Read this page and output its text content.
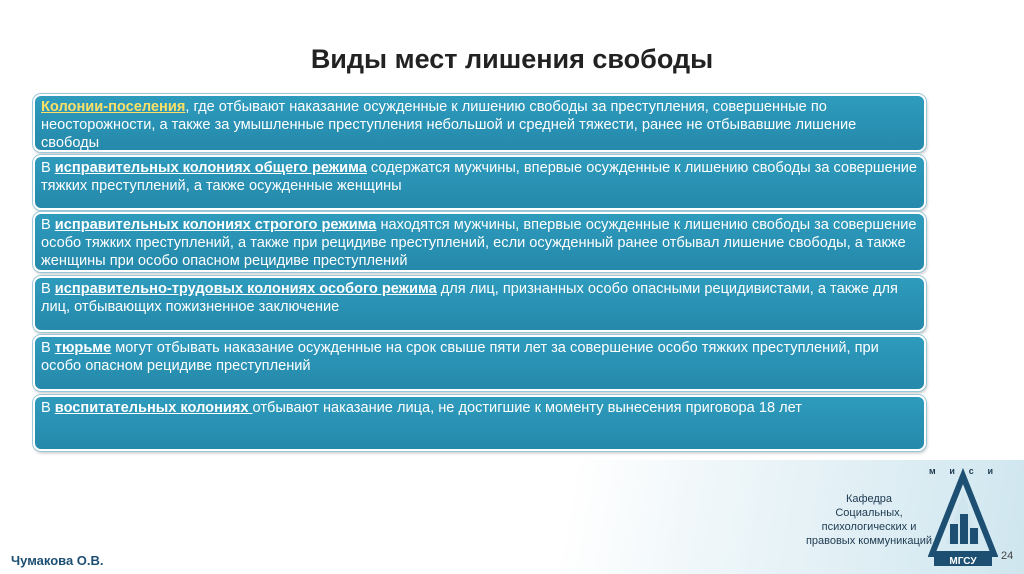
Виды мест лишения свободы
Колонии-поселения, где отбывают наказание осужденные к лишению свободы за преступления, совершенные по неосторожности, а также за умышленные преступления небольшой и средней тяжести, ранее не отбывавшие лишение свободы
В исправительных колониях общего режима содержатся мужчины, впервые осужденные к лишению свободы за совершение тяжких преступлений, а также осужденные женщины
В исправительных колониях строгого режима находятся мужчины, впервые осужденные к лишению свободы за совершение особо тяжких преступлений, а также при рецидиве преступлений, если осужденный ранее отбывал лишение свободы, а также женщины при особо опасном рецидиве преступлений
В исправительно-трудовых колониях особого режима для лиц, признанных особо опасными рецидивистами, а также для лиц, отбывающих пожизненное заключение
В тюрьме могут отбывать наказание осужденные на срок свыше пяти лет за совершение особо тяжких преступлений, при особо опасном рецидиве преступлений
В воспитательных колониях отбывают наказание лица, не достигшие к моменту вынесения приговора 18 лет
Чумакова О.В.
Кафедра
Социальных,
психологических и
правовых коммуникаций
м и с и
МГСУ 24
